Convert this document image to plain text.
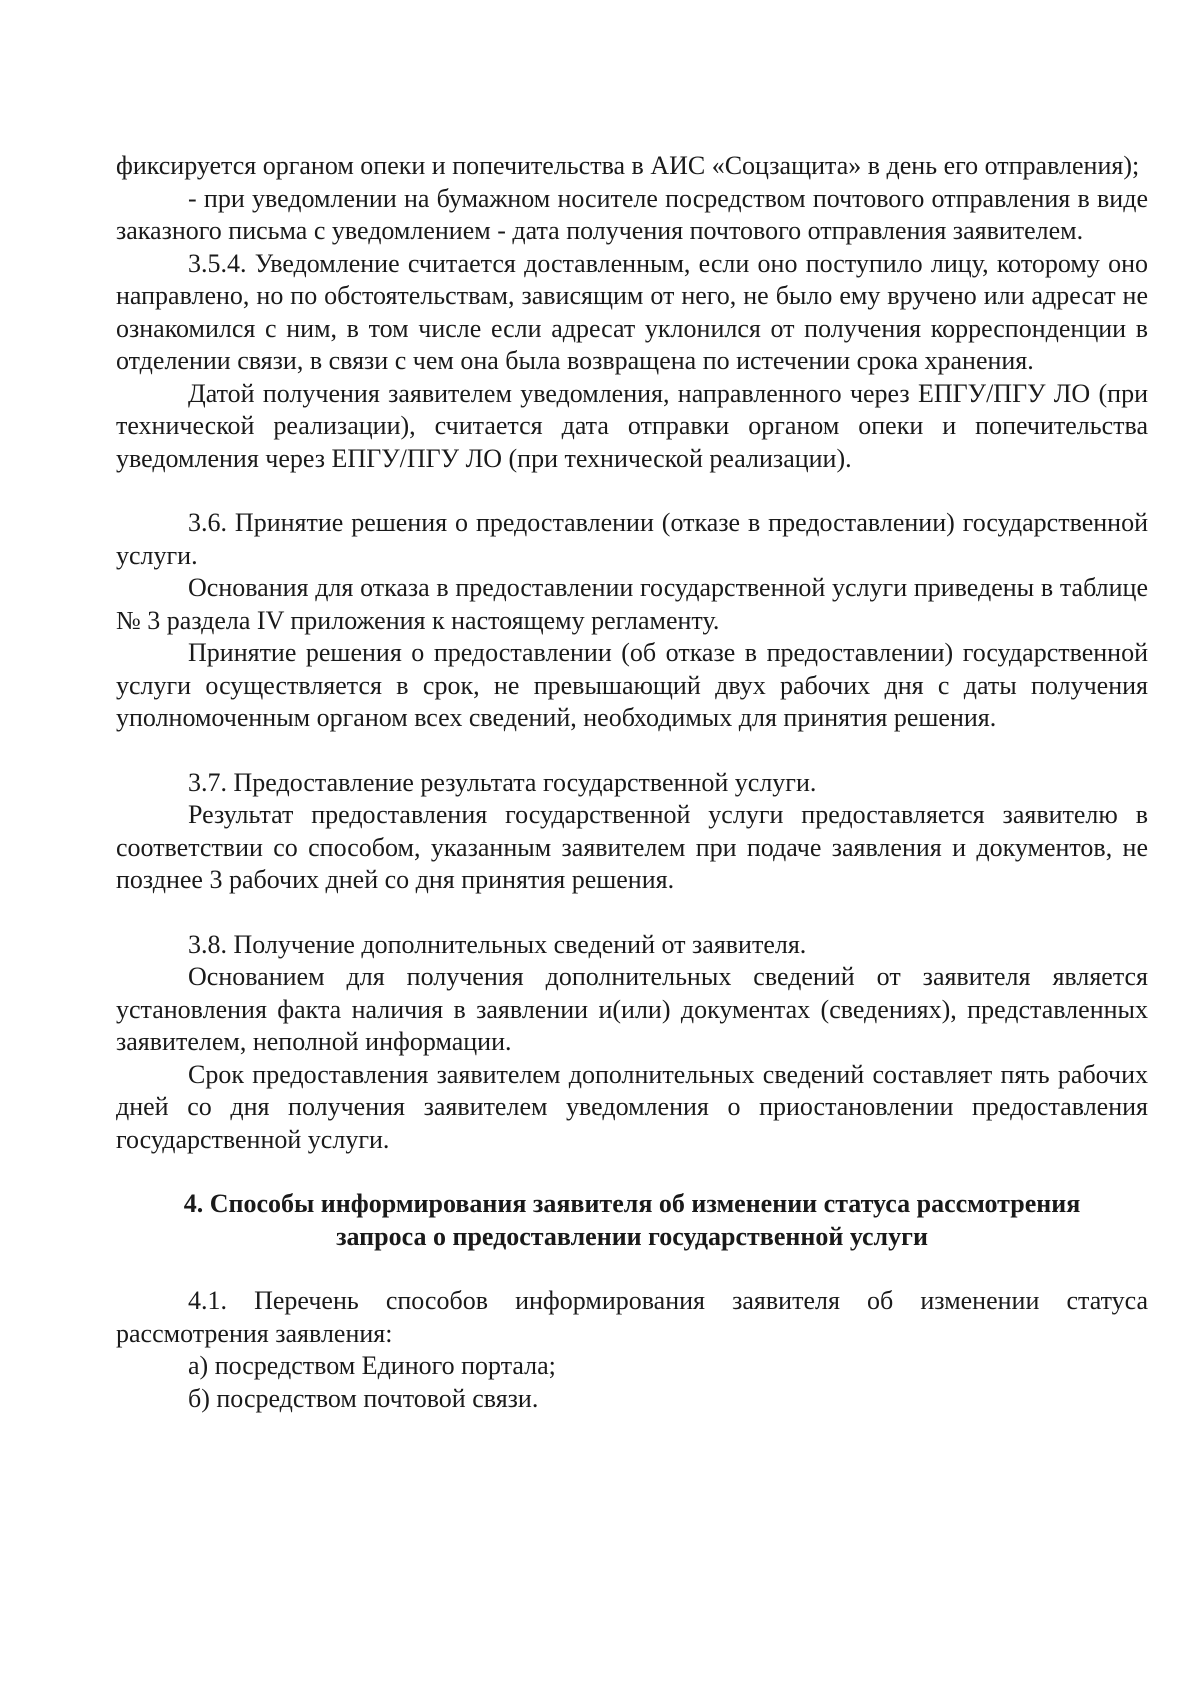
фиксируется органом опеки и попечительства в АИС «Соцзащита» в день его отправления);

- при уведомлении на бумажном носителе посредством почтового отправления в виде заказного письма с уведомлением - дата получения почтового отправления заявителем.

3.5.4. Уведомление считается доставленным, если оно поступило лицу, которому оно направлено, но по обстоятельствам, зависящим от него, не было ему вручено или адресат не ознакомился с ним, в том числе если адресат уклонился от получения корреспонденции в отделении связи, в связи с чем она была возвращена по истечении срока хранения.

Датой получения заявителем уведомления, направленного через ЕПГУ/ПГУ ЛО (при технической реализации), считается дата отправки органом опеки и попечительства уведомления через ЕПГУ/ПГУ ЛО (при технической реализации).

3.6. Принятие решения о предоставлении (отказе в предоставлении) государственной услуги.

Основания для отказа в предоставлении государственной услуги приведены в таблице № 3 раздела IV приложения к настоящему регламенту.

Принятие решения о предоставлении (об отказе в предоставлении) государственной услуги осуществляется в срок, не превышающий двух рабочих дня с даты получения уполномоченным органом всех сведений, необходимых для принятия решения.

3.7. Предоставление результата государственной услуги.

Результат предоставления государственной услуги предоставляется заявителю в соответствии со способом, указанным заявителем при подаче заявления и документов, не позднее 3 рабочих дней со дня принятия решения.

3.8. Получение дополнительных сведений от заявителя.

Основанием для получения дополнительных сведений от заявителя является установления факта наличия в заявлении и(или) документах (сведениях), представленных заявителем, неполной информации.

Срок предоставления заявителем дополнительных сведений составляет пять рабочих дней со дня получения заявителем уведомления о приостановлении предоставления государственной услуги.

4. Способы информирования заявителя об изменении статуса рассмотрения запроса о предоставлении государственной услуги

4.1. Перечень способов информирования заявителя об изменении статуса рассмотрения заявления:

а) посредством Единого портала;

б) посредством почтовой связи.
